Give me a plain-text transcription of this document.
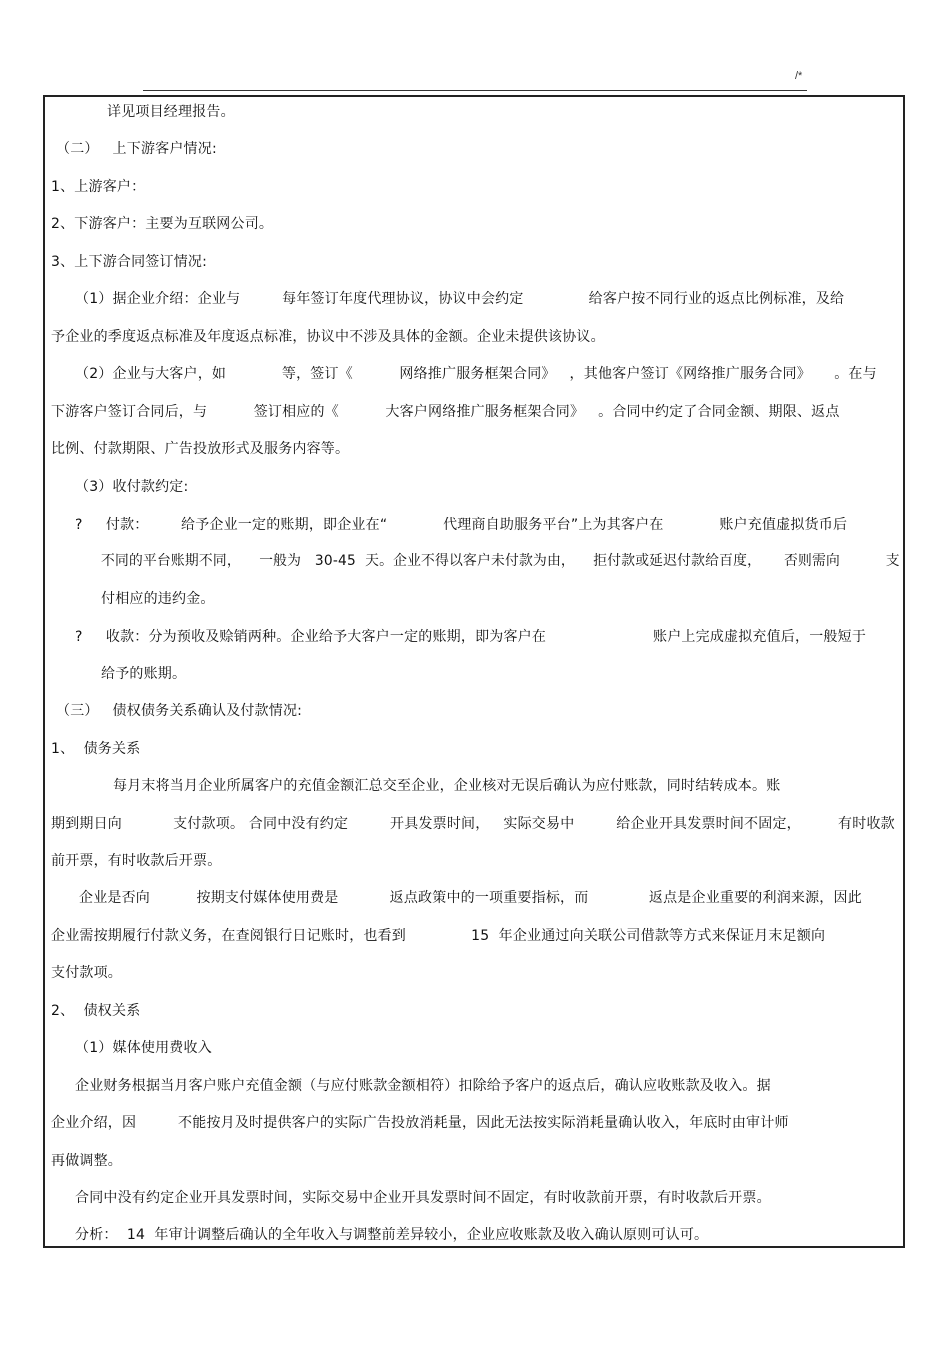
/*
详见项目经理报告。
（二）   上下游客户情况:
1、上游客户：
2、下游客户：主要为互联网公司。
3、上下游合同签订情况:
（1）据企业介绍：企业与         每年签订年度代理协议，协议中会约定              给客户按不同行业的返点比例标准，及给
予企业的季度返点标准及年度返点标准，协议中不涉及具体的金额。企业未提供该协议。
（2）企业与大客户，如            等，签订《          网络推广服务框架合同》   ，其他客户签订《网络推广服务合同》     。在与
下游客户签订合同后，与          签订相应的《          大客户网络推广服务框架合同》   。合同中约定了合同金额、期限、返点
比例、付款期限、广告投放形式及服务内容等。
（3）收付款约定:
?     付款：       给予企业一定的账期，即企业在“            代理商自助服务平台”上为其客户在            账户充值虚拟货币后
不同的平台账期不同，    一般为   30-45  天。企业不得以客户未付款为由，    拒付款或延迟付款给百度，     否则需向          支
付相应的违约金。
?     收款：分为预收及赊销两种。企业给予大客户一定的账期，即为客户在                       账户上完成虚拟充值后，一般短于
给予的账期。
（三）   债权债务关系确认及付款情况:
1、  债务关系
每月末将当月企业所属客户的充值金额汇总交至企业，企业核对无误后确认为应付账款，同时结转成本。账
期到期日向           支付款项。 合同中没有约定         开具发票时间，   实际交易中         给企业开具发票时间不固定，        有时收款
前开票，有时收款后开票。
企业是否向          按期支付媒体使用费是           返点政策中的一项重要指标，而             返点是企业重要的利润来源，因此
企业需按期履行付款义务，在查阅银行日记账时，也看到              15  年企业通过向关联公司借款等方式来保证月末足额向
支付款项。
2、  债权关系
（1）媒体使用费收入
企业财务根据当月客户账户充值金额（与应付账款金额相符）扣除给予客户的返点后，确认应收账款及收入。据
企业介绍，因         不能按月及时提供客户的实际广告投放消耗量，因此无法按实际消耗量确认收入，年底时由审计师
再做调整。
合同中没有约定企业开具发票时间，实际交易中企业开具发票时间不固定，有时收款前开票，有时收款后开票。
分析：  14  年审计调整后确认的全年收入与调整前差异较小，企业应收账款及收入确认原则可认可。
